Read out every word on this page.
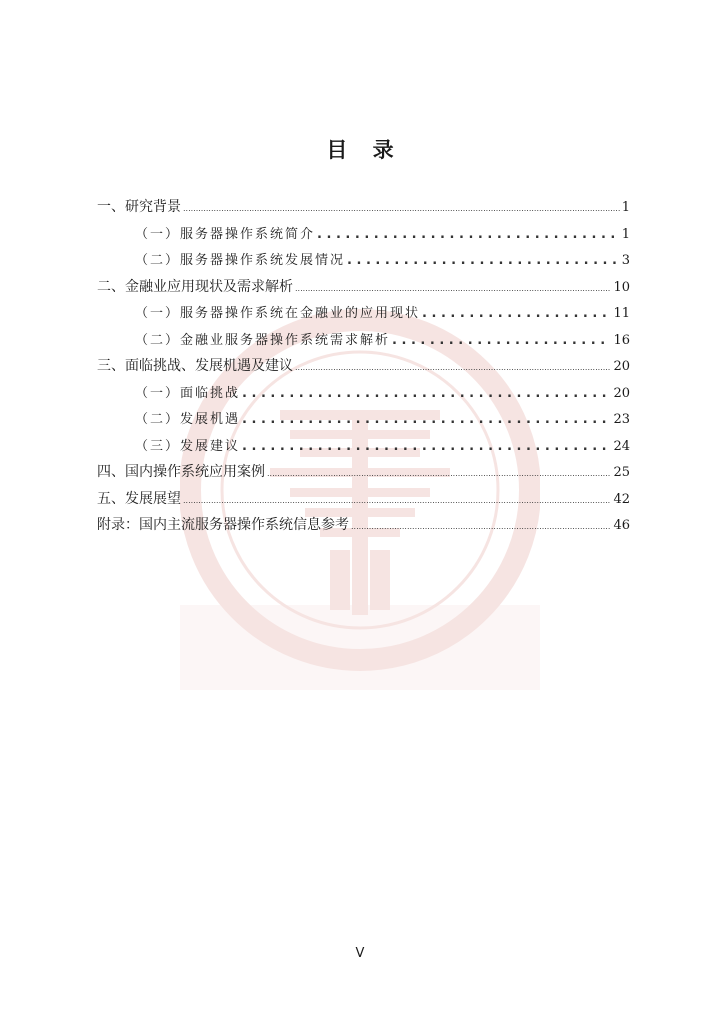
目 录
一、研究背景 .....	1
（一）服务器操作系统简介 . . .	1
（二）服务器操作系统发展情况 . . .	3
二、金融业应用现状及需求解析 .....	10
（一）服务器操作系统在金融业的应用现状 . . .	11
（二）金融业服务器操作系统需求解析 . . .	16
三、面临挑战、发展机遇及建议 .....	20
（一）面临挑战 . . .	20
（二）发展机遇 . . .	23
（三）发展建议 . . .	24
四、国内操作系统应用案例 .....	25
五、发展展望 .....	42
附录：国内主流服务器操作系统信息参考 .....	46
V
